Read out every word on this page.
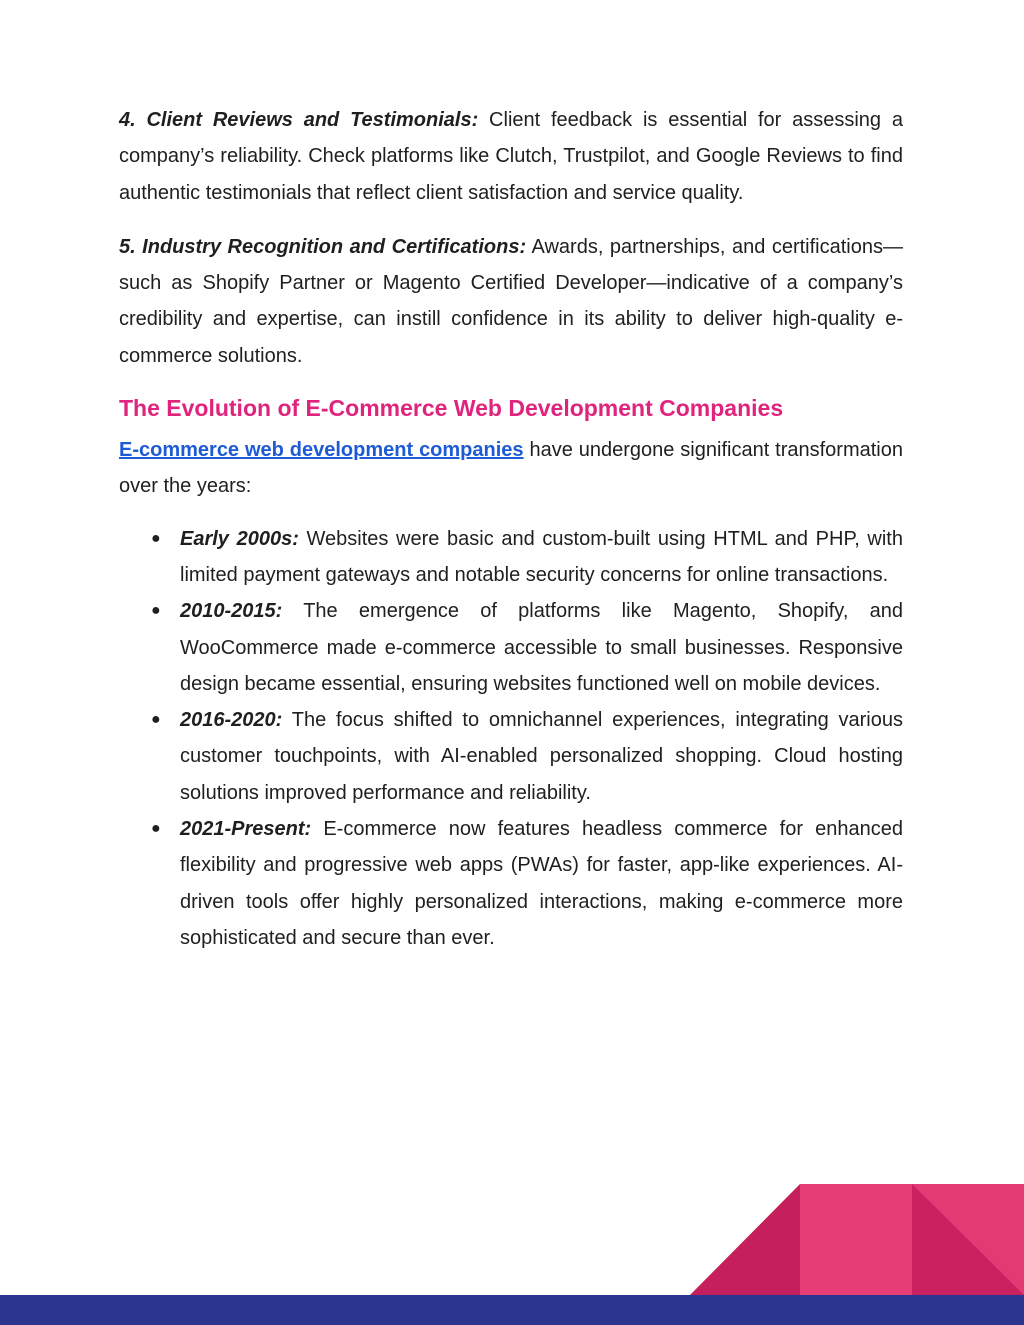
4. Client Reviews and Testimonials: Client feedback is essential for assessing a company’s reliability. Check platforms like Clutch, Trustpilot, and Google Reviews to find authentic testimonials that reflect client satisfaction and service quality.

5. Industry Recognition and Certifications: Awards, partnerships, and certifications—such as Shopify Partner or Magento Certified Developer—indicative of a company’s credibility and expertise, can instill confidence in its ability to deliver high-quality e-commerce solutions.

The Evolution of E-Commerce Web Development Companies

E-commerce web development companies have undergone significant transformation over the years:

● Early 2000s: Websites were basic and custom-built using HTML and PHP, with limited payment gateways and notable security concerns for online transactions.
● 2010-2015: The emergence of platforms like Magento, Shopify, and WooCommerce made e-commerce accessible to small businesses. Responsive design became essential, ensuring websites functioned well on mobile devices.
● 2016-2020: The focus shifted to omnichannel experiences, integrating various customer touchpoints, with AI-enabled personalized shopping. Cloud hosting solutions improved performance and reliability.
● 2021-Present: E-commerce now features headless commerce for enhanced flexibility and progressive web apps (PWAs) for faster, app-like experiences. AI-driven tools offer highly personalized interactions, making e-commerce more sophisticated and secure than ever.
